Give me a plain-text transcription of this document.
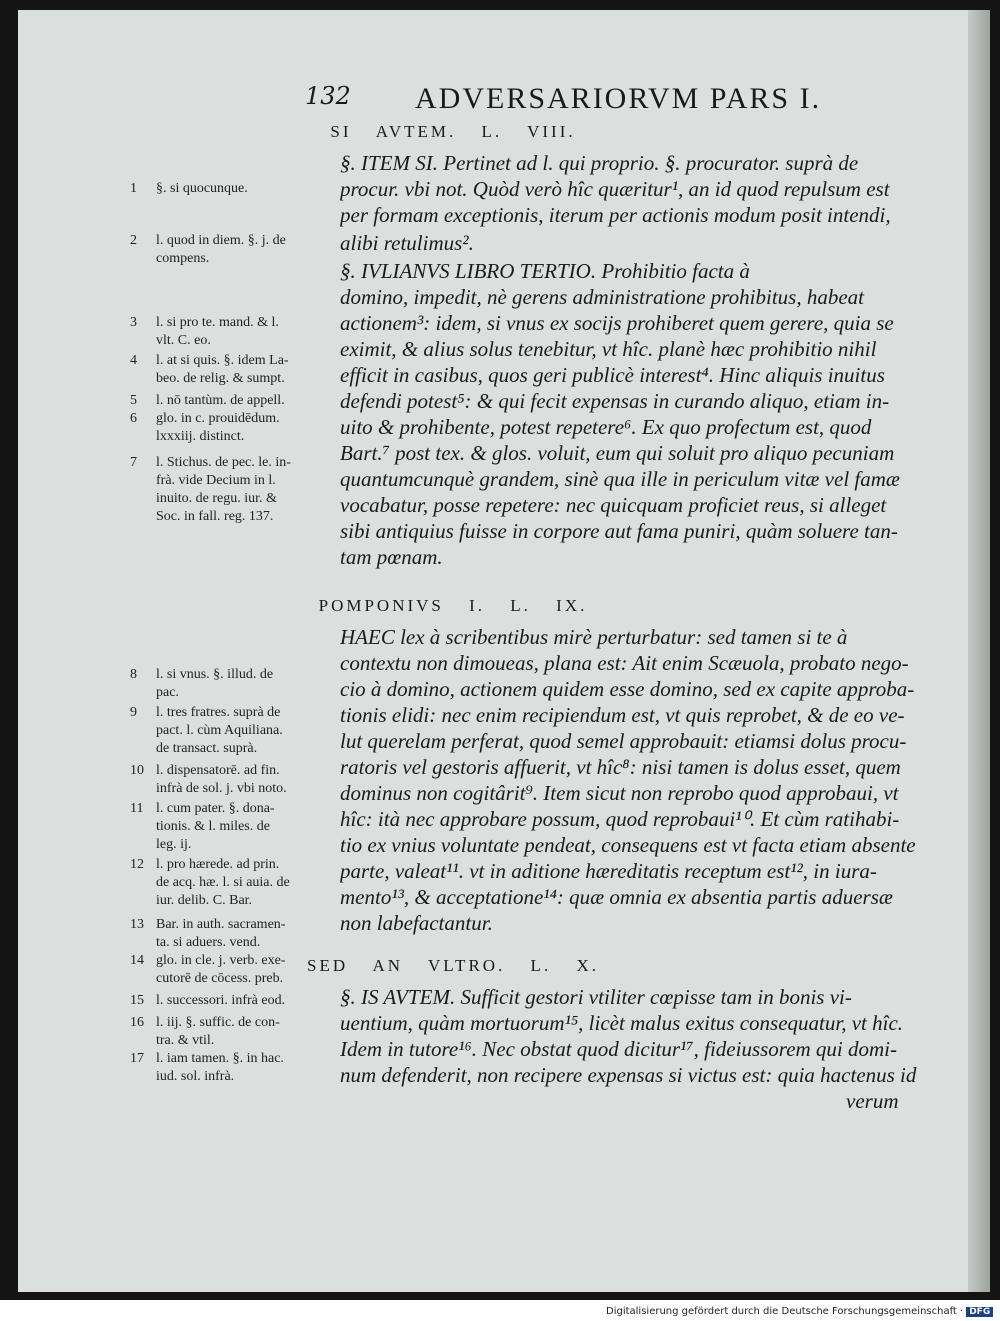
132 ADVERSARIORVM PARS I.
SI AVTEM. L. VIII.
POMPONIVS I. L. IX.
SED AN VLTRO. L. X.
§. ITEM SI. Pertinet ad l. qui proprio. §. procurator. suprà de
procur. vbi not. Quòd verò hîc quæritur¹, an id quod repulsum est
per formam exceptionis, iterum per actionis modum posit intendi,
alibi retulimus².
§. IVLIANVS LIBRO TERTIO. Prohibitio facta à
domino, impedit, nè gerens administratione prohibitus, habeat
actionem³: idem, si vnus ex socijs prohiberet quem gerere, quia se
eximit, & alius solus tenebitur, vt hîc. planè hæc prohibitio nihil
efficit in casibus, quos geri publicè interest⁴. Hinc aliquis inuitus
defendi potest⁵: & qui fecit expensas in curando aliquo, etiam in-
uito & prohibente, potest repetere⁶. Ex quo profectum est, quod
Bart.⁷ post tex. & glos. voluit, eum qui soluit pro aliquo pecuniam
quantumcunquè grandem, sinè qua ille in periculum vitæ vel famæ
vocabatur, posse repetere: nec quicquam proficiet reus, si alleget
sibi antiquius fuisse in corpore aut fama puniri, quàm soluere tan-
tam pœnam.
HAEC lex à scribentibus mirè perturbatur: sed tamen si te à
contextu non dimoueas, plana est: Ait enim Scæuola, probato nego-
cio à domino, actionem quidem esse domino, sed ex capite approba-
tionis elidi: nec enim recipiendum est, vt quis reprobet, & de eo ve-
lut querelam perferat, quod semel approbauit: etiamsi dolus procu-
ratoris vel gestoris affuerit, vt hîc⁸: nisi tamen is dolus esset, quem
dominus non cogitârit⁹. Item sicut non reprobo quod approbaui, vt
hîc: ità nec approbare possum, quod reprobaui¹⁰. Et cùm ratihabi-
tio ex vnius voluntate pendeat, consequens est vt facta etiam absente
parte, valeat¹¹. vt in aditione hæreditatis receptum est¹², in iura-
mento¹³, & acceptatione¹⁴: quæ omnia ex absentia partis aduersæ
non labefactantur.
§. IS AVTEM. Sufficit gestori vtiliter cœpisse tam in bonis vi-
uentium, quàm mortuorum¹⁵, licèt malus exitus consequatur, vt hîc.
Idem in tutore¹⁶. Nec obstat quod dicitur¹⁷, fideiussorem qui domi-
num defenderit, non recipere expensas si victus est: quia hactenus id
verum
1	§. si quocunque.
2	l. quod in diem. §. j. de
compens.
3	l. si pro te. mand. & l.
vlt. C. eo.
4	l. at si quis. §. idem La-
beo. de relig. & sumpt.
5	l. nō tantùm. de appell.
6	glo. in c. prouidēdum.
lxxxiij. distinct.
7	l. Stichus. de pec. le. in-
frà. vide Decium in l.
inuito. de regu. iur. &
Soc. in fall. reg. 137.
8	l. si vnus. §. illud. de
pac.
9	l. tres fratres. suprà de
pact. l. cùm Aquiliana.
de transact. suprà.
10 l. dispensatorē. ad fin.
infrà de sol. j. vbi noto.
11 l. cum pater. §. dona-
tionis. & l. miles. de
leg. ij.
12 l. pro hærede. ad prin.
de acq. hæ. l. si auia. de
iur. delib. C. Bar.
13 Bar. in auth. sacramen-
ta. si aduers. vend.
14 glo. in cle. j. verb. exe-
cutorē de cōcess. preb.
15 l. successori. infrà eod.
16 l. iij. §. suffic. de con-
tra. & vtil.
17 l. iam tamen. §. in hac.
iud. sol. infrà.
Digitalisierung gefördert durch die Deutsche Forschungsgemeinschaft · DFG
